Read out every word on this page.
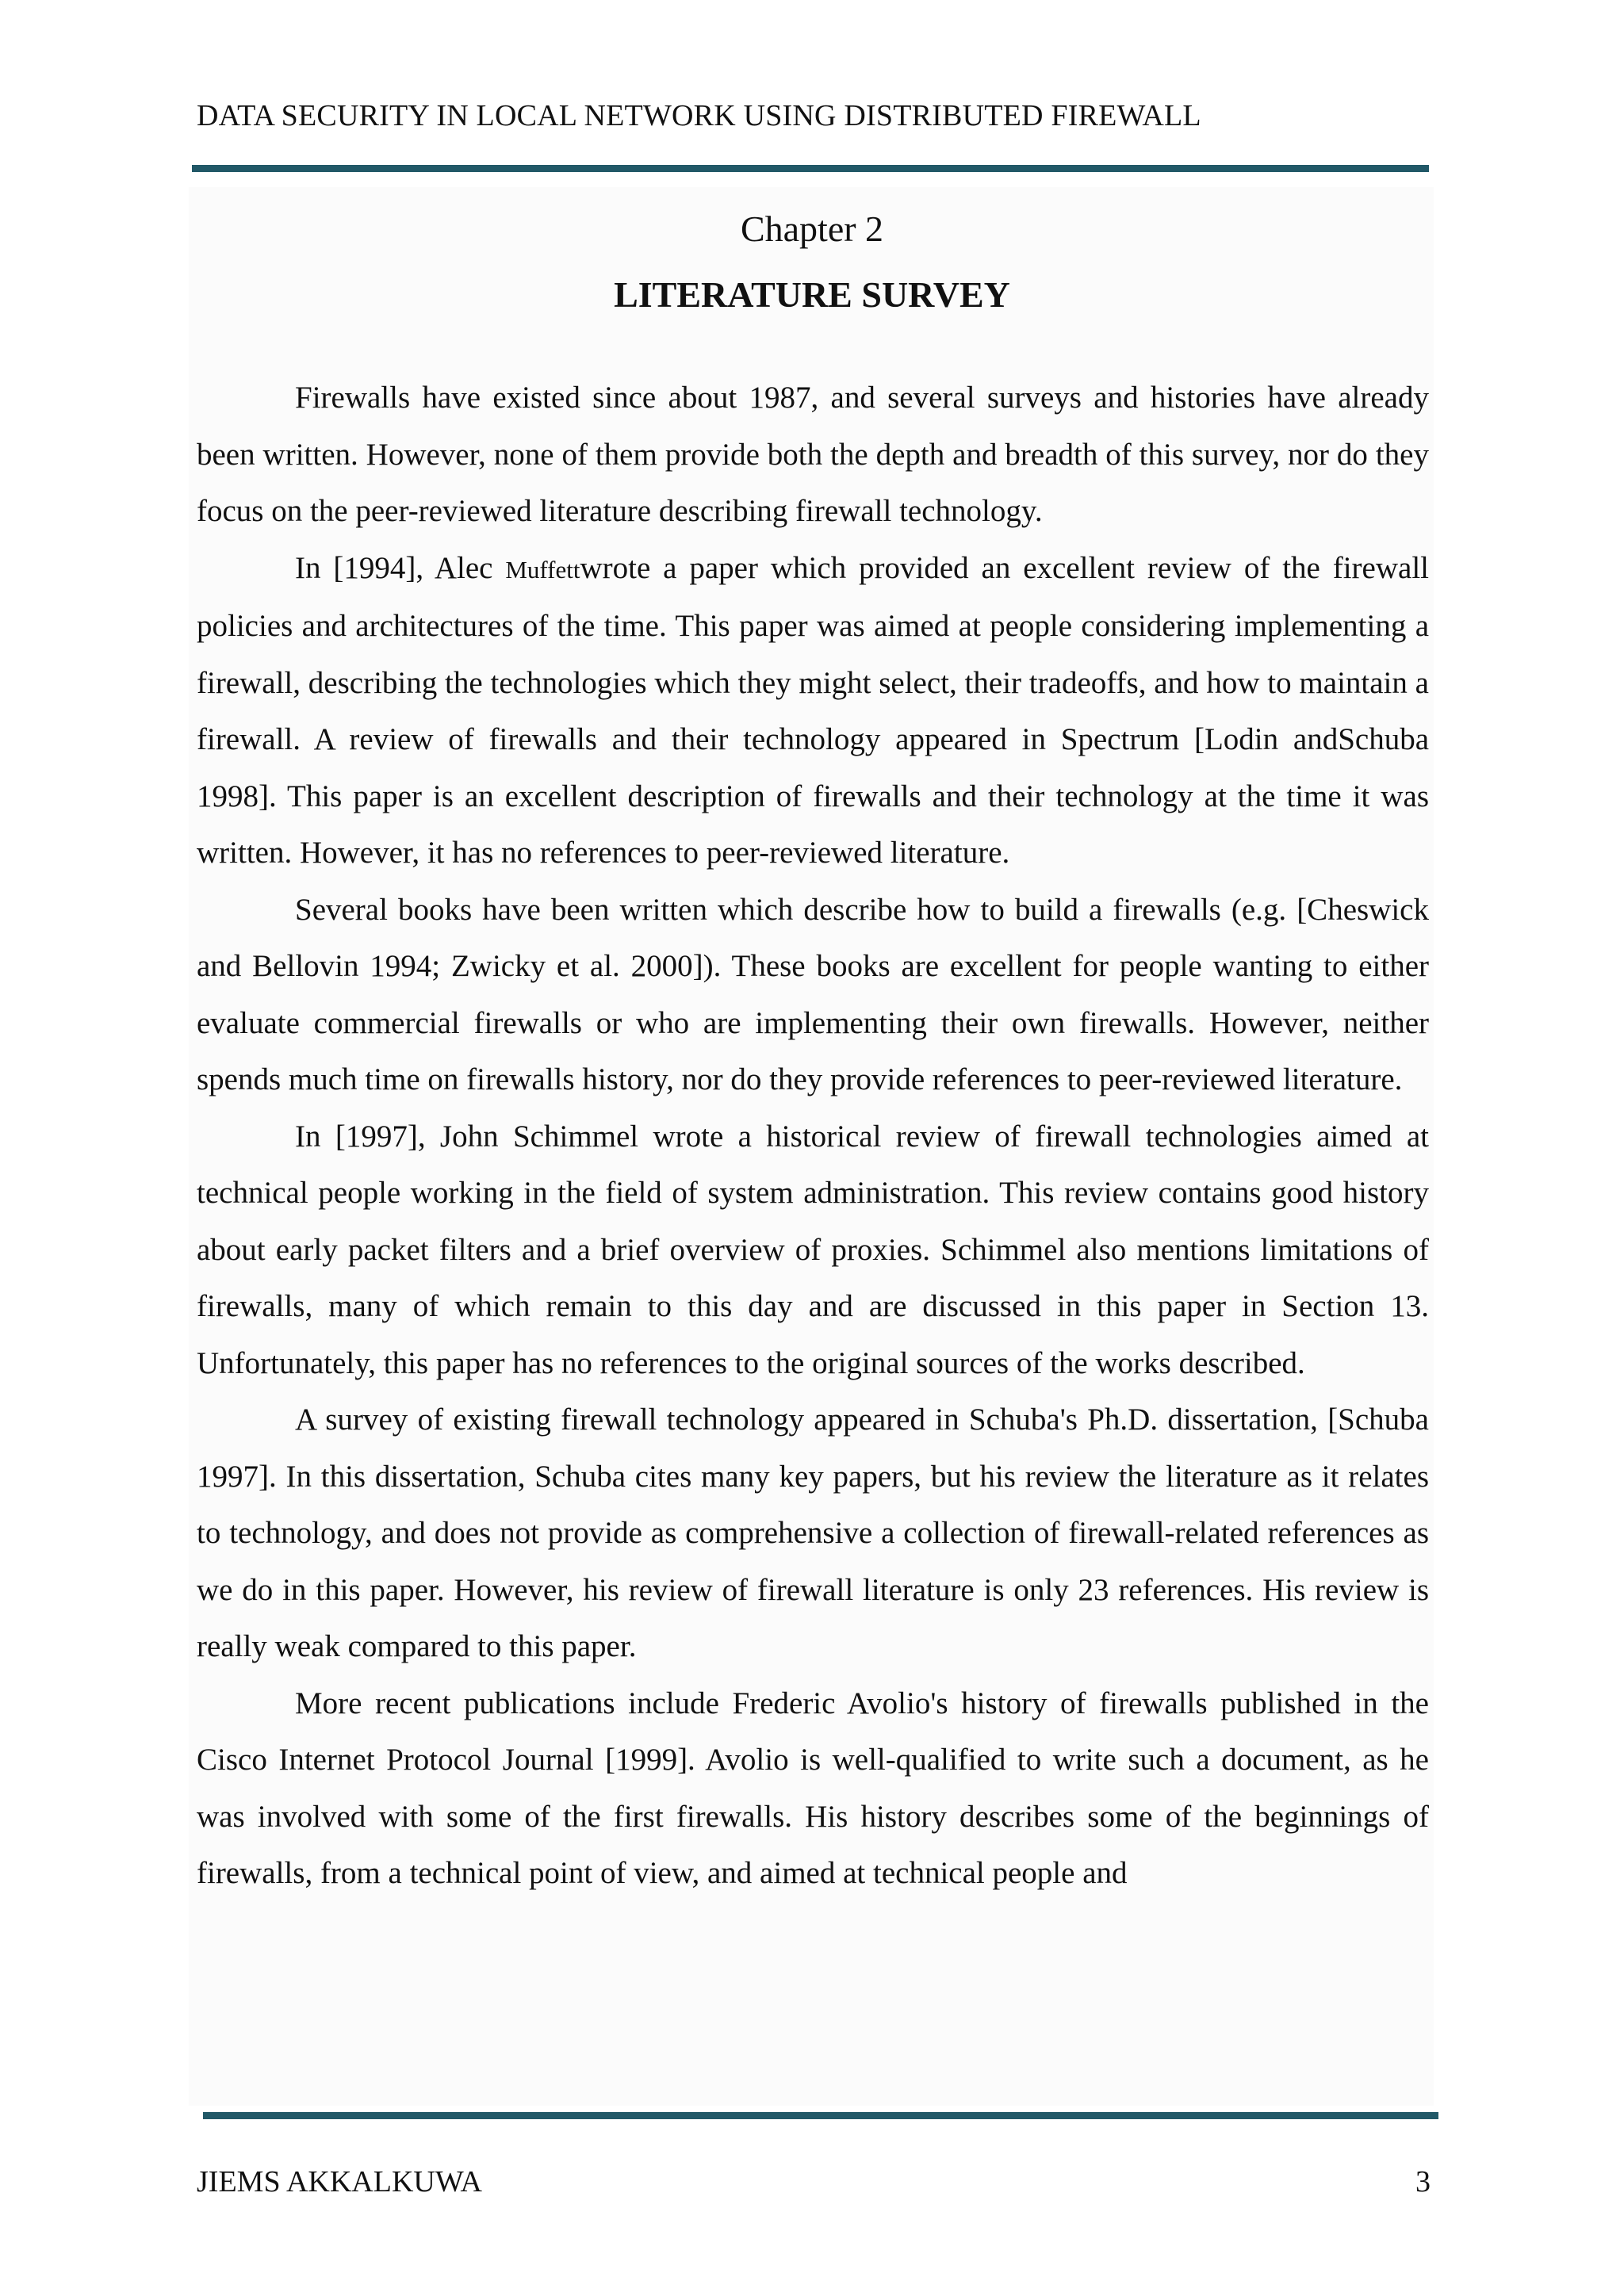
DATA SECURITY IN LOCAL NETWORK USING DISTRIBUTED FIREWALL
Chapter 2
LITERATURE SURVEY

Firewalls have existed since about 1987, and several surveys and histories have already been written. However, none of them provide both the depth and breadth of this survey, nor do they focus on the peer-reviewed literature describing firewall technology.

In [1994], Alec Muffettwrote a paper which provided an excellent review of the firewall policies and architectures of the time. This paper was aimed at people considering implementing a firewall, describing the technologies which they might select, their tradeoffs, and how to maintain a firewall. A review of firewalls and their technology appeared in Spectrum [Lodin andSchuba 1998]. This paper is an excellent description of firewalls and their technology at the time it was written. However, it has no references to peer-reviewed literature.

Several books have been written which describe how to build a firewalls (e.g. [Cheswick and Bellovin 1994; Zwicky et al. 2000]). These books are excellent for people wanting to either evaluate commercial firewalls or who are implementing their own firewalls. However, neither spends much time on firewalls history, nor do they provide references to peer-reviewed literature.

In [1997], John Schimmel wrote a historical review of firewall technologies aimed at technical people working in the field of system administration. This review contains good history about early packet filters and a brief overview of proxies. Schimmel also mentions limitations of firewalls, many of which remain to this day and are discussed in this paper in Section 13. Unfortunately, this paper has no references to the original sources of the works described.

A survey of existing firewall technology appeared in Schuba's Ph.D. dissertation, [Schuba 1997]. In this dissertation, Schuba cites many key papers, but his review the literature as it relates to technology, and does not provide as comprehensive a collection of firewall-related references as we do in this paper. However, his review of firewall literature is only 23 references. His review is really weak compared to this paper.

More recent publications include Frederic Avolio's history of firewalls published in the Cisco Internet Protocol Journal [1999]. Avolio is well-qualified to write such a document, as he was involved with some of the first firewalls. His history describes some of the beginnings of firewalls, from a technical point of view, and aimed at technical people and

JIEMS AKKALKUWA	3
